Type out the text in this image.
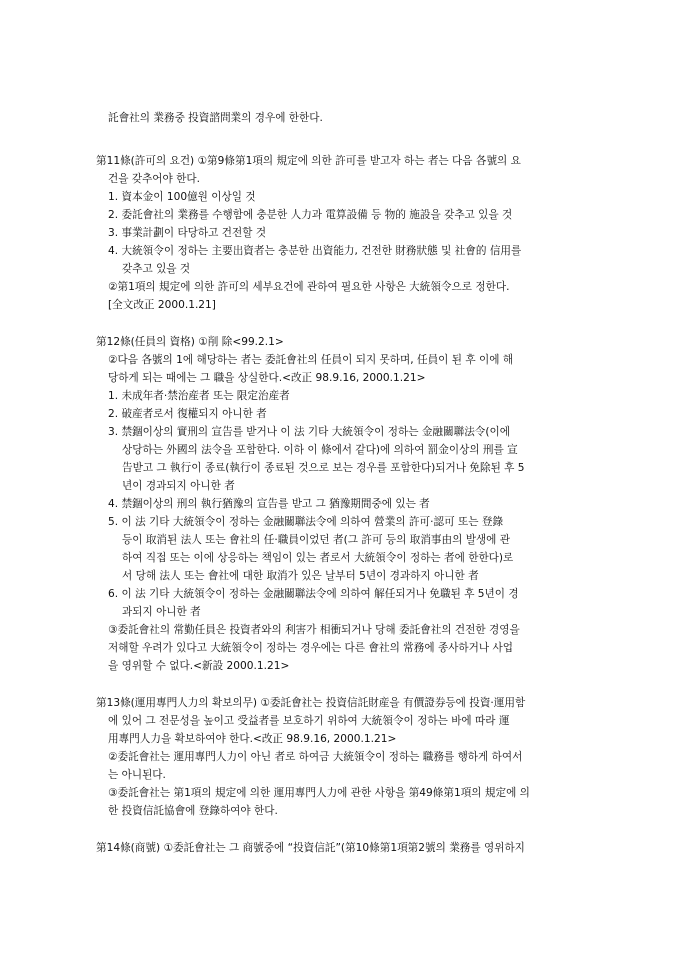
託會社의 業務중 投資諮問業의 경우에 한한다.
第11條(許可의 요건) ①第9條第1項의 規定에 의한 許可를 받고자 하는 者는 다음 各號의 요
건을 갖추어야 한다.
1. 資本金이 100億원 이상일 것
2. 委託會社의 業務를 수행함에 충분한 人力과 電算設備 등 物的 施設을 갖추고 있을 것
3. 事業計劃이 타당하고 건전할 것
4. 大統領令이 정하는 主要出資者는 충분한 出資能力, 건전한 財務狀態 및 社會的 信用를
갖추고 있을 것
②第1項의 規定에 의한 許可의 세부요건에 관하여 필요한 사항은 大統領令으로 정한다.
[全文改正 2000.1.21]
第12條(任員의 資格) ①削 除<99.2.1>
②다음 各號의 1에 해당하는 者는 委託會社의 任員이 되지 못하며, 任員이 된 후 이에 해
당하게 되는 때에는 그 職을 상실한다.<改正 98.9.16, 2000.1.21>
1. 未成年者·禁治産者 또는 限定治産者
2. 破産者로서 復權되지 아니한 者
3. 禁錮이상의 實刑의 宣告를 받거나 이 法 기타 大統領令이 정하는 金融關聯法令(이에
상당하는 外國의 法令을 포함한다. 이하 이 條에서 같다)에 의하여 罰金이상의 刑를 宣
告받고 그 執行이 종료(執行이 종료된 것으로 보는 경우를 포함한다)되거나 免除된 후 5
년이 경과되지 아니한 者
4. 禁錮이상의 刑의 執行猶豫의 宣告를 받고 그 猶豫期間중에 있는 者
5. 이 法 기타 大統領令이 정하는 金融關聯法令에 의하여 營業의 許可·認可 또는 登錄
등이 取消된 法人 또는 會社의 任·職員이었던 者(그 許可 등의 取消事由의 발생에 관
하여 직접 또는 이에 상응하는 책임이 있는 者로서 大統領令이 정하는 者에 한한다)로
서 당해 法人 또는 會社에 대한 取消가 있은 날부터 5년이 경과하지 아니한 者
6. 이 法 기타 大統領令이 정하는 金融關聯法令에 의하여 解任되거나 免職된 후 5년이 경
과되지 아니한 者
③委託會社의 常勤任員은 投資者와의 利害가 相衝되거나 당해 委託會社의 건전한 경영을
저해할 우려가 있다고 大統領令이 정하는 경우에는 다른 會社의 常務에 종사하거나 사업
을 영위할 수 없다.<新設 2000.1.21>
第13條(運用專門人力의 확보의무) ①委託會社는 投資信託財産을 有價證券등에 投資·運用함
에 있어 그 전문성을 높이고 受益者를 보호하기 위하여 大統領令이 정하는 바에 따라 運
用專門人力을 확보하여야 한다.<改正 98.9.16, 2000.1.21>
②委託會社는 運用專門人力이 아닌 者로 하여금 大統領令이 정하는 職務를 행하게 하여서
는 아니된다.
③委託會社는 第1項의 規定에 의한 運用專門人力에 관한 사항을 第49條第1項의 規定에 의
한 投資信託協會에 登錄하여야 한다.
第14條(商號) ①委託會社는 그 商號중에 “投資信託”(第10條第1項第2號의 業務를 영위하지
